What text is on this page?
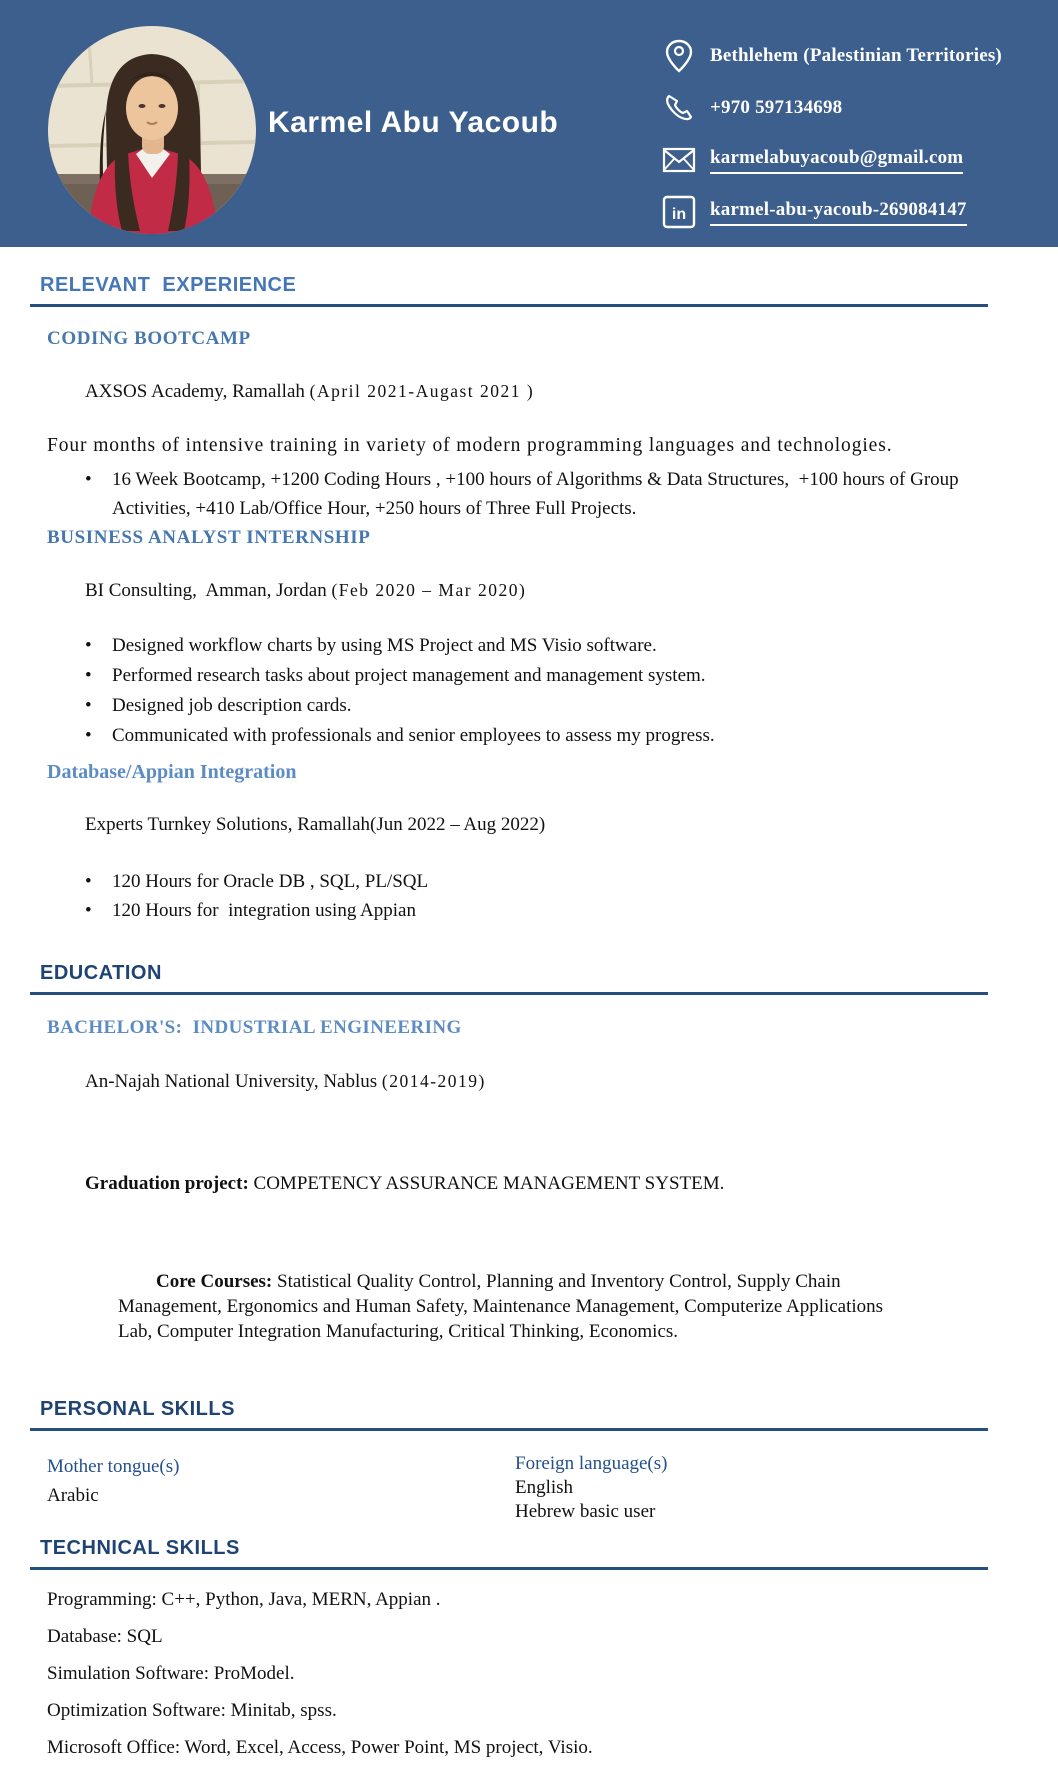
Karmel Abu Yacoub
Bethlehem (Palestinian Territories)
+970 597134698
karmelabuyacoub@gmail.com
in karmel-abu-yacoub-269084147
RELEVANT  EXPERIENCE
CODING BOOTCAMP

AXSOS Academy, Ramallah (April 2021-Augast 2021 )

Four months of intensive training in variety of modern programming languages and technologies.
• 16 Week Bootcamp, +1200 Coding Hours , +100 hours of Algorithms & Data Structures,  +100 hours of Group Activities, +410 Lab/Office Hour, +250 hours of Three Full Projects.
BUSINESS ANALYST INTERNSHIP

BI Consulting,  Amman, Jordan (Feb 2020 – Mar 2020)

• Designed workflow charts by using MS Project and MS Visio software.
• Performed research tasks about project management and management system.
• Designed job description cards.
• Communicated with professionals and senior employees to assess my progress.
Database/Appian Integration

Experts Turnkey Solutions, Ramallah(Jun 2022 – Aug 2022)

• 120 Hours for Oracle DB , SQL, PL/SQL
• 120 Hours for  integration using Appian
EDUCATION
BACHELOR'S:  INDUSTRIAL ENGINEERING

An-Najah National University, Nablus (2014-2019)

Graduation project: COMPETENCY ASSURANCE MANAGEMENT SYSTEM.

Core Courses: Statistical Quality Control, Planning and Inventory Control, Supply Chain Management, Ergonomics and Human Safety, Maintenance Management, Computerize Applications Lab, Computer Integration Manufacturing, Critical Thinking, Economics.

PERSONAL SKILLS
Mother tongue(s)
Arabic
Foreign language(s)
English
Hebrew basic user
TECHNICAL SKILLS
Programming: C++, Python, Java, MERN, Appian .
Database: SQL
Simulation Software: ProModel.
Optimization Software: Minitab, spss.
Microsoft Office: Word, Excel, Access, Power Point, MS project, Visio.
